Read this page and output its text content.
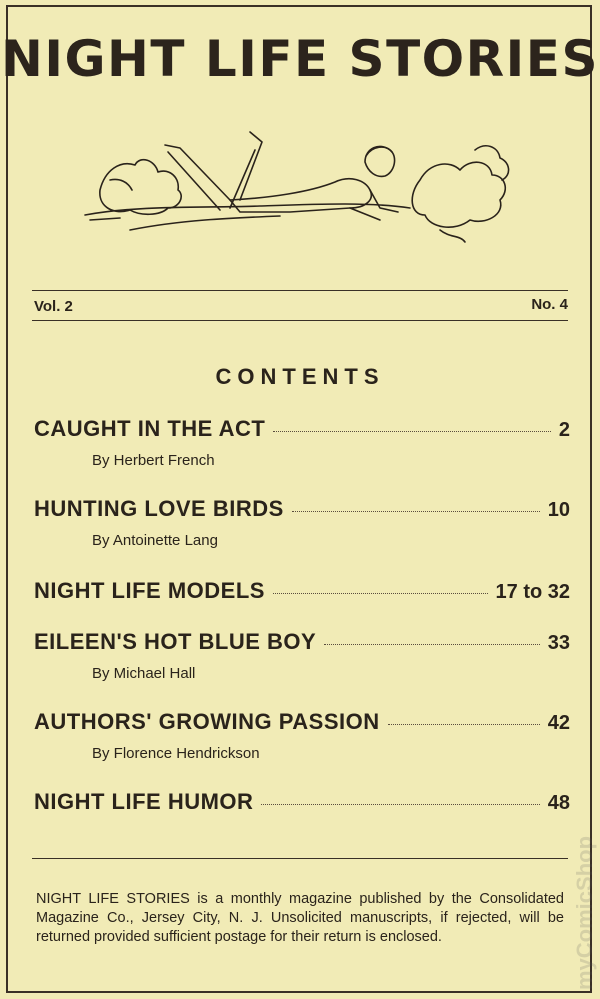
NIGHT LIFE STORIES
Vol. 2	No. 4
CONTENTS
CAUGHT IN THE ACT	2
By Herbert French
HUNTING LOVE BIRDS	10
By Antoinette Lang
NIGHT LIFE MODELS	17 to 32
EILEEN'S HOT BLUE BOY	33
By Michael Hall
AUTHORS' GROWING PASSION	42
By Florence Hendrickson
NIGHT LIFE HUMOR	48
NIGHT LIFE STORIES is a monthly magazine published by the Consolidated Magazine Co., Jersey City, N. J. Unsolicited manuscripts, if rejected, will be returned provided sufficient postage for their return is enclosed.	myComicShop
